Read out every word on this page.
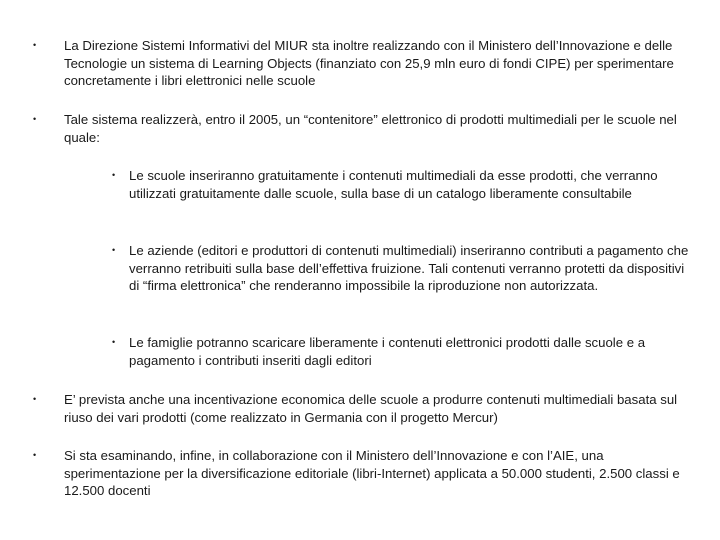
• La Direzione Sistemi Informativi del MIUR sta inoltre realizzando con il Ministero dell’Innovazione e delle Tecnologie un sistema di Learning Objects (finanziato con 25,9 mln euro di fondi CIPE) per sperimentare concretamente i libri elettronici nelle scuole
• Tale sistema realizzerà, entro il 2005, un “contenitore” elettronico di prodotti multimediali per le scuole nel quale:
• Le scuole inseriranno gratuitamente i contenuti multimediali da esse prodotti, che verranno utilizzati gratuitamente dalle scuole, sulla base di un catalogo liberamente consultabile
• Le aziende (editori e produttori di contenuti multimediali) inseriranno contributi a pagamento che verranno retribuiti sulla base dell’effettiva fruizione. Tali contenuti verranno protetti da dispositivi di “firma elettronica” che renderanno impossibile la riproduzione non autorizzata.
• Le famiglie potranno scaricare liberamente i contenuti elettronici prodotti dalle scuole e a pagamento i contributi inseriti dagli editori
• E’ prevista anche una incentivazione economica delle scuole a produrre contenuti multimediali basata sul riuso dei vari prodotti (come realizzato in Germania con il progetto Mercur)
• Si sta esaminando, infine, in collaborazione con il Ministero dell’Innovazione e con l’AIE, una sperimentazione per la diversificazione editoriale (libri-Internet) applicata a 50.000 studenti, 2.500 classi e 12.500 docenti
